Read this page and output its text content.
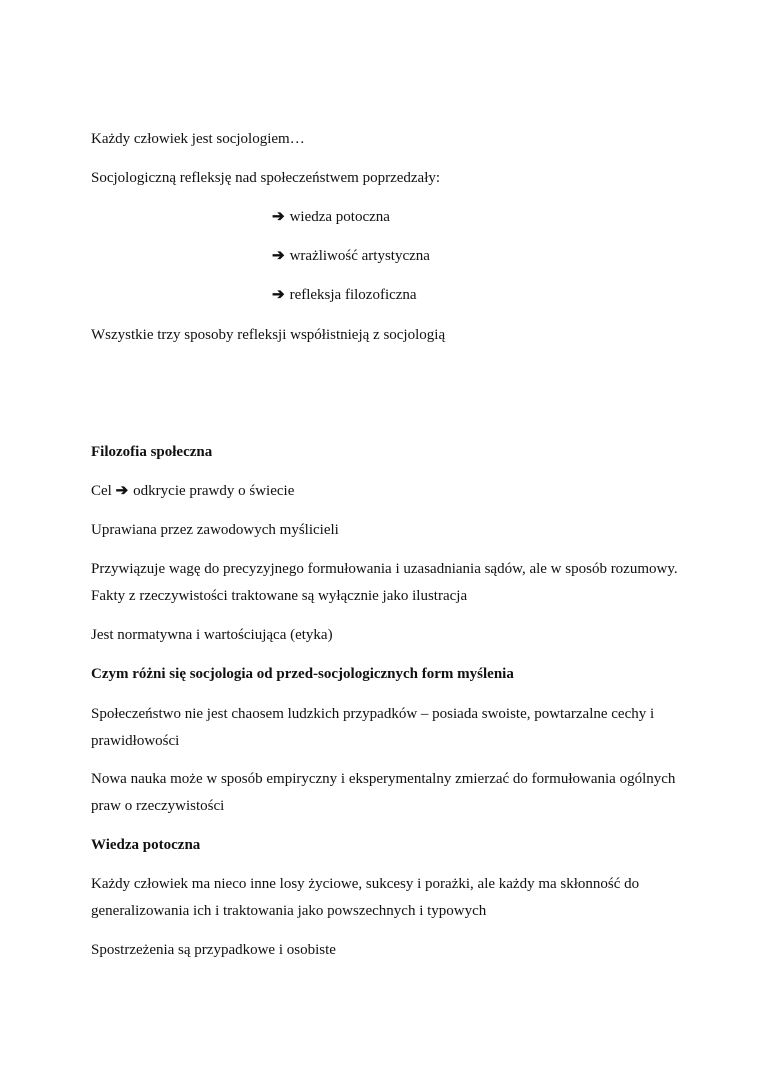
Każdy człowiek jest socjologiem…

Socjologiczną refleksję nad społeczeństwem poprzedzały:

➔ wiedza potoczna

➔ wrażliwość artystyczna

➔ refleksja filozoficzna

Wszystkie trzy sposoby refleksji współistnieją z socjologią

Filozofia społeczna

Cel ➔ odkrycie prawdy o świecie

Uprawiana przez zawodowych myślicieli

Przywiązuje wagę do precyzyjnego formułowania i uzasadniania sądów, ale w sposób rozumowy. Fakty z rzeczywistości traktowane są wyłącznie jako ilustracja

Jest normatywna i wartościująca (etyka)

Czym różni się socjologia od przed-socjologicznych form myślenia

Społeczeństwo nie jest chaosem ludzkich przypadków – posiada swoiste, powtarzalne cechy i prawidłowości

Nowa nauka może w sposób empiryczny i eksperymentalny zmierzać do formułowania ogólnych praw o rzeczywistości

Wiedza potoczna

Każdy człowiek ma nieco inne losy życiowe, sukcesy i porażki, ale każdy ma skłonność do generalizowania ich i traktowania jako powszechnych i typowych

Spostrzeżenia są przypadkowe i osobiste
